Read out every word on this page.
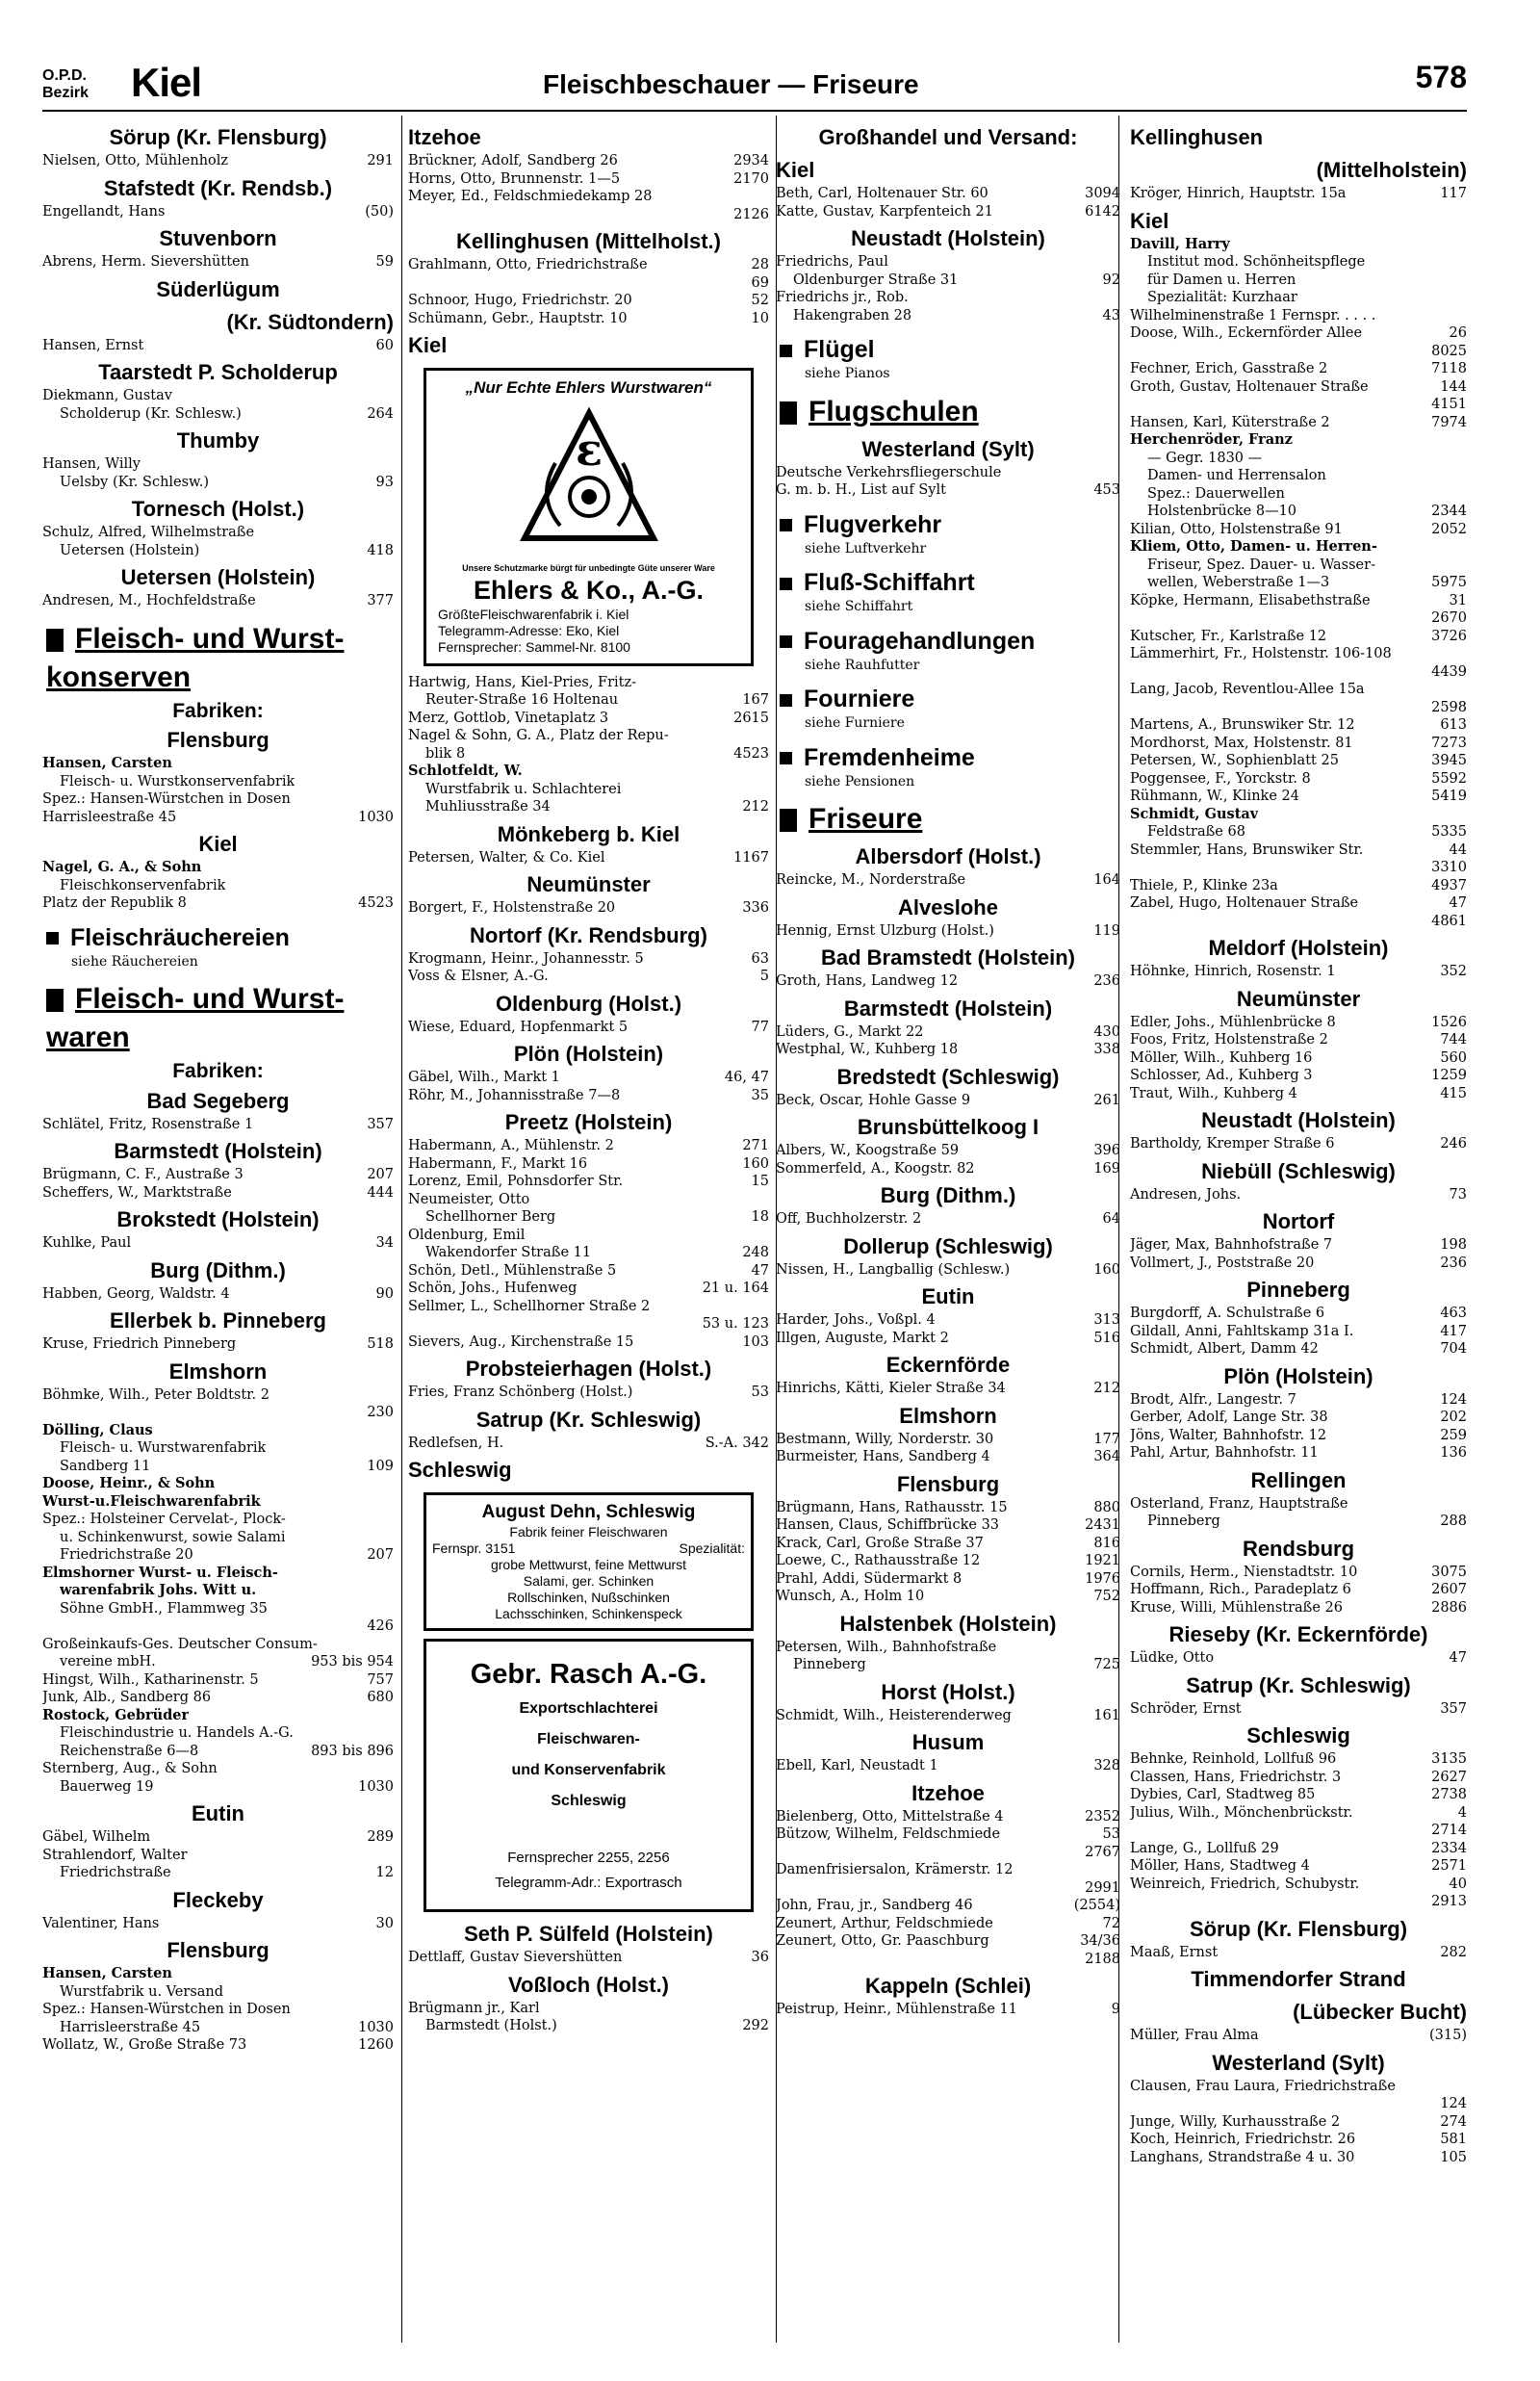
O.P.D.
Bezirk Kiel	Fleischbeschauer — Friseure	578
Sörup (Kr. Flensburg)
Nielsen, Otto, Mühlenholz	291
Stafstedt (Kr. Rendsb.)
Engellandt, Hans	(50)
Stuvenborn
Abrens, Herm. Sievershütten	59
Süderlügum
(Kr. Südtondern)
Hansen, Ernst	60
Taarstedt P. Scholderup
Diekmann, Gustav
Scholderup (Kr. Schlesw.)	264
Thumby
Hansen, Willy
Uelsby (Kr. Schlesw.)	93
Tornesch (Holst.)
Schulz, Alfred, Wilhelmstraße
Uetersen (Holstein)	418
Uetersen (Holstein)
Andresen, M., Hochfeldstraße	377
Fleisch- und Wurst-konserven
Fabriken:
Flensburg
Hansen, Carsten
Fleisch- u. Wurstkonservenfabrik
Spez.: Hansen-Würstchen in Dosen
Harrisleestraße 45	1030
Kiel
Nagel, G. A., & Sohn
Fleischkonservenfabrik
Platz der Republik 8	4523
Fleischräuchereien
siehe Räuchereien
Fleisch- und Wurst-waren
Fabriken:
Bad Segeberg
Schlätel, Fritz, Rosenstraße 1	357
Barmstedt (Holstein)
Brügmann, C. F., Austraße 3	207
Scheffers, W., Marktstraße	444
Brokstedt (Holstein)
Kuhlke, Paul	34
Burg (Dithm.)
Habben, Georg, Waldstr. 4	90
Ellerbek b. Pinneberg
Kruse, Friedrich Pinneberg	518
Elmshorn
Böhmke, Wilh., Peter Boldtstr. 2
230
Dölling, Claus
Fleisch- u. Wurstwarenfabrik
Sandberg 11	109
Doose, Heinr., & Sohn
Wurst-u.Fleischwarenfabrik
Spez.: Holsteiner Cervelat-, Plock-
u. Schinkenwurst, sowie Salami
Friedrichstraße 20	207
Elmshorner Wurst- u. Fleisch-
warenfabrik Johs. Witt u.
Söhne GmbH., Flammweg 35
426
Großeinkaufs-Ges. Deutscher Consum-
vereine mbH.	953 bis 954
Hingst, Wilh., Katharinenstr. 5	757
Junk, Alb., Sandberg 86	680
Rostock, Gebrüder
Fleischindustrie u. Handels A.-G.
Reichenstraße 6—8	893 bis 896
Sternberg, Aug., & Sohn
Bauerweg 19	1030
Eutin
Gäbel, Wilhelm	289
Strahlendorf, Walter
Friedrichstraße	12
Fleckeby
Valentiner, Hans	30
Flensburg
Hansen, Carsten
Wurstfabrik u. Versand
Spez.: Hansen-Würstchen in Dosen
Harrisleerstraße 45	1030
Wollatz, W., Große Straße 73	1260
Itzehoe
Brückner, Adolf, Sandberg 26	2934
Horns, Otto, Brunnenstr. 1—5	2170
Meyer, Ed., Feldschmiedekamp 28
2126
Kellinghusen (Mittelholst.)
Grahlmann, Otto, Friedrichstraße	28
69
Schnoor, Hugo, Friedrichstr. 20	52
Schümann, Gebr., Hauptstr. 10	10
Kiel
„Nur Echte Ehlers Wurstwaren“
ε
Unsere Schutzmarke bürgt für unbedingte Güte unserer Ware
Ehlers & Ko., A.-G.
GrößteFleischwarenfabrik i. Kiel
Telegramm-Adresse: Eko, Kiel
Fernsprecher: Sammel-Nr. 8100
Hartwig, Hans, Kiel-Pries, Fritz-
Reuter-Straße 16 Holtenau	167
Merz, Gottlob, Vinetaplatz 3	2615
Nagel & Sohn, G. A., Platz der Repu-
blik 8	4523
Schlotfeldt, W.
Wurstfabrik u. Schlachterei
Muhliusstraße 34	212
Mönkeberg b. Kiel
Petersen, Walter, & Co. Kiel	1167
Neumünster
Borgert, F., Holstenstraße 20	336
Nortorf (Kr. Rendsburg)
Krogmann, Heinr., Johannesstr. 5	63
Voss & Elsner, A.-G.	5
Oldenburg (Holst.)
Wiese, Eduard, Hopfenmarkt 5	77
Plön (Holstein)
Gäbel, Wilh., Markt 1	46, 47
Röhr, M., Johannisstraße 7—8	35
Preetz (Holstein)
Habermann, A., Mühlenstr. 2	271
Habermann, F., Markt 16	160
Lorenz, Emil, Pohnsdorfer Str.	15
Neumeister, Otto
Schellhorner Berg	18
Oldenburg, Emil
Wakendorfer Straße 11	248
Schön, Detl., Mühlenstraße 5	47
Schön, Johs., Hufenweg	21 u. 164
Sellmer, L., Schellhorner Straße 2
53 u. 123
Sievers, Aug., Kirchenstraße 15	103
Probsteierhagen (Holst.)
Fries, Franz Schönberg (Holst.)	53
Satrup (Kr. Schleswig)
Redlefsen, H.	S.-A. 342
Schleswig
August Dehn, Schleswig
Fabrik feiner Fleischwaren
Fernspr. 3151	Spezialität:
grobe Mettwurst, feine Mettwurst
Salami, ger. Schinken
Rollschinken, Nußschinken
Lachsschinken, Schinkenspeck
Gebr. Rasch A.-G.
Exportschlachterei
Fleischwaren-
und Konservenfabrik
Schleswig
Fernsprecher 2255, 2256
Telegramm-Adr.: Exportrasch
Seth P. Sülfeld (Holstein)
Dettlaff, Gustav Sievershütten	36
Voßloch (Holst.)
Brügmann jr., Karl
Barmstedt (Holst.)	292
Großhandel und Versand:
Kiel
Beth, Carl, Holtenauer Str. 60	3094
Katte, Gustav, Karpfenteich 21	6142
Neustadt (Holstein)
Friedrichs, Paul
Oldenburger Straße 31	92
Friedrichs jr., Rob.
Hakengraben 28	43
Flügel
siehe Pianos
Flugschulen
Westerland (Sylt)
Deutsche Verkehrsfliegerschule
G. m. b. H., List auf Sylt	453
Flugverkehr
siehe Luftverkehr
Fluß-Schiffahrt
siehe Schiffahrt
Fouragehandlungen
siehe Rauhfutter
Fourniere
siehe Furniere
Fremdenheime
siehe Pensionen
Friseure
Albersdorf (Holst.)
Reincke, M., Norderstraße	164
Alveslohe
Hennig, Ernst Ulzburg (Holst.)	119
Bad Bramstedt (Holstein)
Groth, Hans, Landweg 12	236
Barmstedt (Holstein)
Lüders, G., Markt 22	430
Westphal, W., Kuhberg 18	338
Bredstedt (Schleswig)
Beck, Oscar, Hohle Gasse 9	261
Brunsbüttelkoog I
Albers, W., Koogstraße 59	396
Sommerfeld, A., Koogstr. 82	169
Burg (Dithm.)
Off, Buchholzerstr. 2	64
Dollerup (Schleswig)
Nissen, H., Langballig (Schlesw.)	160
Eutin
Harder, Johs., Voßpl. 4	313
Illgen, Auguste, Markt 2	516
Eckernförde
Hinrichs, Kätti, Kieler Straße 34	212
Elmshorn
Bestmann, Willy, Norderstr. 30	177
Burmeister, Hans, Sandberg 4	364
Flensburg
Brügmann, Hans, Rathausstr. 15	880
Hansen, Claus, Schiffbrücke 33	2431
Krack, Carl, Große Straße 37	816
Loewe, C., Rathausstraße 12	1921
Prahl, Addi, Südermarkt 8	1976
Wunsch, A., Holm 10	752
Halstenbek (Holstein)
Petersen, Wilh., Bahnhofstraße
Pinneberg	725
Horst (Holst.)
Schmidt, Wilh., Heisterenderweg	161
Husum
Ebell, Karl, Neustadt 1	328
Itzehoe
Bielenberg, Otto, Mittelstraße 4	2352
Bützow, Wilhelm, Feldschmiede	53
2767
Damenfrisiersalon, Krämerstr. 12
2991
John, Frau, jr., Sandberg 46	(2554)
Zeunert, Arthur, Feldschmiede	72
Zeunert, Otto, Gr. Paaschburg	34/36
2188
Kappeln (Schlei)
Peistrup, Heinr., Mühlenstraße 11	9
Kellinghusen
(Mittelholstein)
Kröger, Hinrich, Hauptstr. 15a	117
Kiel
Davill, Harry
Institut mod. Schönheitspflege
für Damen u. Herren
Spezialität: Kurzhaar
Wilhelminenstraße 1 Fernspr. . . . .
Doose, Wilh., Eckernförder Allee	26
8025
Fechner, Erich, Gasstraße 2	7118
Groth, Gustav, Holtenauer Straße	144
4151
Hansen, Karl, Küterstraße 2	7974
Herchenröder, Franz
— Gegr. 1830 —
Damen- und Herrensalon
Spez.: Dauerwellen
Holstenbrücke 8—10	2344
Kilian, Otto, Holstenstraße 91	2052
Kliem, Otto, Damen- u. Herren-
Friseur, Spez. Dauer- u. Wasser-
wellen, Weberstraße 1—3	5975
Köpke, Hermann, Elisabethstraße	31
2670
Kutscher, Fr., Karlstraße 12	3726
Lämmerhirt, Fr., Holstenstr. 106-108
4439
Lang, Jacob, Reventlou-Allee 15a
2598
Martens, A., Brunswiker Str. 12	613
Mordhorst, Max, Holstenstr. 81	7273
Petersen, W., Sophienblatt 25	3945
Poggensee, F., Yorckstr. 8	5592
Rühmann, W., Klinke 24	5419
Schmidt, Gustav
Feldstraße 68	5335
Stemmler, Hans, Brunswiker Str.	44
3310
Thiele, P., Klinke 23a	4937
Zabel, Hugo, Holtenauer Straße	47
4861
Meldorf (Holstein)
Höhnke, Hinrich, Rosenstr. 1	352
Neumünster
Edler, Johs., Mühlenbrücke 8	1526
Foos, Fritz, Holstenstraße 2	744
Möller, Wilh., Kuhberg 16	560
Schlosser, Ad., Kuhberg 3	1259
Traut, Wilh., Kuhberg 4	415
Neustadt (Holstein)
Bartholdy, Kremper Straße 6	246
Niebüll (Schleswig)
Andresen, Johs.	73
Nortorf
Jäger, Max, Bahnhofstraße 7	198
Vollmert, J., Poststraße 20	236
Pinneberg
Burgdorff, A. Schulstraße 6	463
Gildall, Anni, Fahltskamp 31a I.	417
Schmidt, Albert, Damm 42	704
Plön (Holstein)
Brodt, Alfr., Langestr. 7	124
Gerber, Adolf, Lange Str. 38	202
Jöns, Walter, Bahnhofstr. 12	259
Pahl, Artur, Bahnhofstr. 11	136
Rellingen
Osterland, Franz, Hauptstraße
Pinneberg	288
Rendsburg
Cornils, Herm., Nienstadtstr. 10	3075
Hoffmann, Rich., Paradeplatz 6	2607
Kruse, Willi, Mühlenstraße 26	2886
Rieseby (Kr. Eckernförde)
Lüdke, Otto	47
Satrup (Kr. Schleswig)
Schröder, Ernst	357
Schleswig
Behnke, Reinhold, Lollfuß 96	3135
Classen, Hans, Friedrichstr. 3	2627
Dybies, Carl, Stadtweg 85	2738
Julius, Wilh., Mönchenbrückstr.	4
2714
Lange, G., Lollfuß 29	2334
Möller, Hans, Stadtweg 4	2571
Weinreich, Friedrich, Schubystr.	40
2913
Sörup (Kr. Flensburg)
Maaß, Ernst	282
Timmendorfer Strand
(Lübecker Bucht)
Müller, Frau Alma	(315)
Westerland (Sylt)
Clausen, Frau Laura, Friedrichstraße
124
Junge, Willy, Kurhausstraße 2	274
Koch, Heinrich, Friedrichstr. 26	581
Langhans, Strandstraße 4 u. 30	105
